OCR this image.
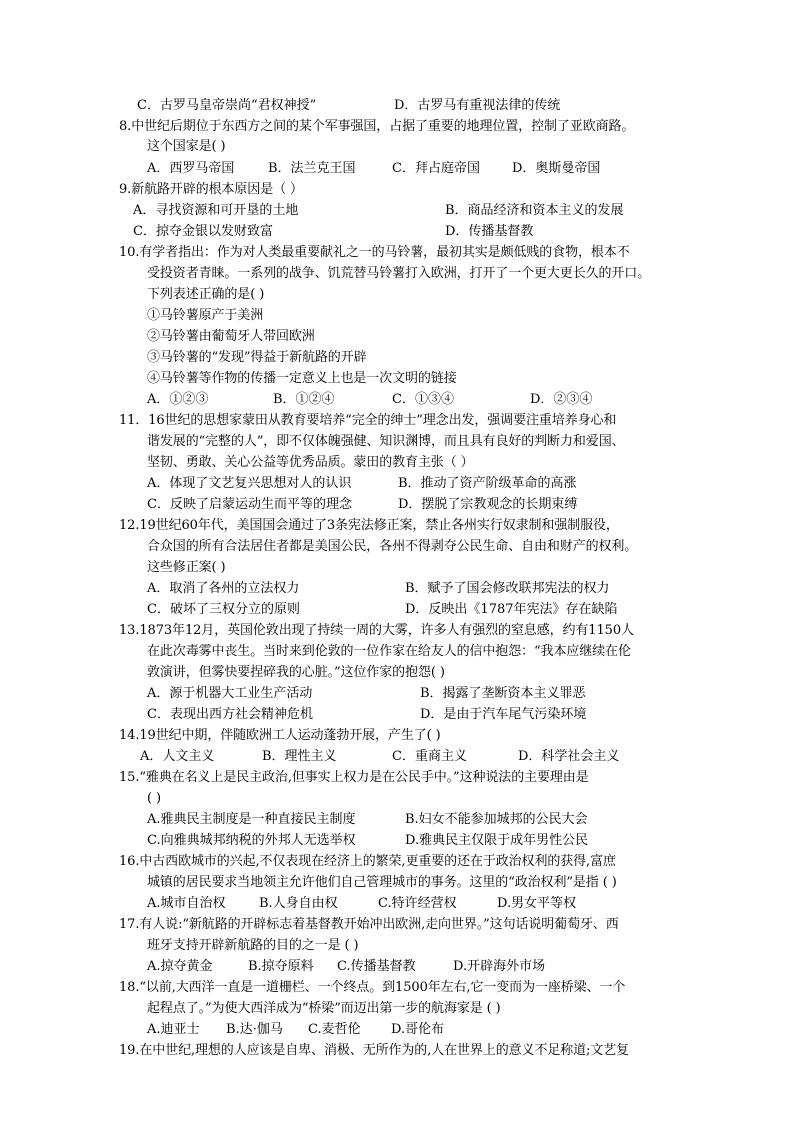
C．古罗马皇帝崇尚“君权神授”	D．古罗马有重视法律的传统
8.中世纪后期位于东西方之间的某个军事强国，占据了重要的地理位置，控制了亚欧商路。
这个国家是( )
A．西罗马帝国	B．法兰克王国	C．拜占庭帝国 D．奥斯曼帝国
9.新航路开辟的根本原因是（ ）
A．寻找资源和可开垦的土地	B．商品经济和资本主义的发展
C．掠夺金银以发财致富	D．传播基督教
10.有学者指出：作为对人类最重要献礼之一的马铃薯，最初其实是颇低贱的食物，根本不
受投资者青睐。一系列的战争、饥荒替马铃薯打入欧洲，打开了一个更大更长久的开口。
下列表述正确的是( )
①马铃薯原产于美洲
②马铃薯由葡萄牙人带回欧洲
③马铃薯的“发现”得益于新航路的开辟
④马铃薯等作物的传播一定意义上也是一次文明的链接
A．①②③	B．①②④	C．①③④	D．②③④
11．16世纪的思想家蒙田从教育要培养“完全的绅士”理念出发，强调要注重培养身心和
谐发展的“完整的人”，即不仅体魄强健、知识渊博，而且具有良好的判断力和爱国、
坚韧、勇敢、关心公益等优秀品质。蒙田的教育主张（ ）
A．体现了文艺复兴思想对人的认识	B．推动了资产阶级革命的高涨
C．反映了启蒙运动生而平等的理念	D．摆脱了宗教观念的长期束缚
12.19世纪60年代，美国国会通过了3条宪法修正案，禁止各州实行奴隶制和强制服役，
合众国的所有合法居住者都是美国公民，各州不得剥夺公民生命、自由和财产的权利。
这些修正案( )
A．取消了各州的立法权力	B．赋予了国会修改联邦宪法的权力
C．破坏了三权分立的原则	D．反映出《1787年宪法》存在缺陷
13.1873年12月，英国伦敦出现了持续一周的大雾，许多人有强烈的窒息感，约有1150人
在此次毒雾中丧生。当时来到伦敦的一位作家在给友人的信中抱怨：“我本应继续在伦
敦演讲，但雾快要捏碎我的心脏。”这位作家的抱怨( )
A．源于机器大工业生产活动	B．揭露了垄断资本主义罪恶
C．表现出西方社会精神危机	D．是由于汽车尾气污染环境
14.19世纪中期，伴随欧洲工人运动蓬勃开展，产生了( )
A．人文主义	B．理性主义	C．重商主义	D．科学社会主义
15.“雅典在名义上是民主政治,但事实上权力是在公民手中。”这种说法的主要理由是
( )
A.雅典民主制度是一种直接民主制度	B.妇女不能参加城邦的公民大会
C.向雅典城邦纳税的外邦人无选举权	D.雅典民主仅限于成年男性公民
16.中古西欧城市的兴起,不仅表现在经济上的繁荣,更重要的还在于政治权利的获得,富庶
城镇的居民要求当地领主允许他们自己管理城市的事务。这里的“政治权利”是指 ( )
A.城市自治权	B.人身自由权	C.特许经营权	D.男女平等权
17.有人说:“新航路的开辟标志着基督教开始冲出欧洲,走向世界。”这句话说明葡萄牙、西
班牙支持开辟新航路的目的之一是 ( )
A.掠夺黄金	B.掠夺原料 C.传播基督教	D.开辟海外市场
18.“以前,大西洋一直是一道栅栏、一个终点。到1500年左右,它一变而为一座桥梁、一个
起程点了。”为使大西洋成为“桥梁”而迈出第一步的航海家是 ( )
A.迪亚士 B.达·伽马 C.麦哲伦 D.哥伦布
19.在中世纪,理想的人应该是自卑、消极、无所作为的,人在世界上的意义不足称道;文艺复
